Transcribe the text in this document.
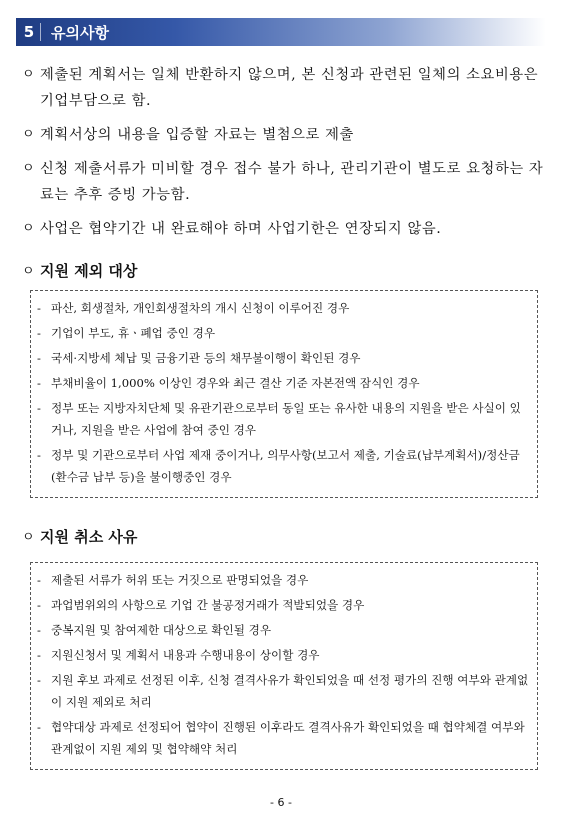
5	유의사항
ㅇ 제출된 계획서는 일체 반환하지 않으며, 본 신청과 관련된 일체의 소요비용은 기업부담으로 함.
ㅇ 계획서상의 내용을 입증할 자료는 별첨으로 제출
ㅇ 신청 제출서류가 미비할 경우 접수 불가 하나, 관리기관이 별도로 요청하는 자료는 추후 증빙 가능함.
ㅇ 사업은 협약기간 내 완료해야 하며 사업기한은 연장되지 않음.
ㅇ 지원 제외 대상
- 파산, 회생절차, 개인회생절차의 개시 신청이 이루어진 경우
- 기업이 부도, 휴ㆍ폐업 중인 경우
- 국세·지방세 체납 및 금융기관 등의 채무불이행이 확인된 경우
- 부채비율이 1,000% 이상인 경우와 최근 결산 기준 자본전액 잠식인 경우
- 정부 또는 지방자치단체 및 유관기관으로부터 동일 또는 유사한 내용의 지원을 받은 사실이 있거나, 지원을 받은 사업에 참여 중인 경우
- 정부 및 기관으로부터 사업 제재 중이거나, 의무사항(보고서 제출, 기술료(납부계획서)/정산금(환수금 납부 등)을 불이행중인 경우
ㅇ 지원 취소 사유
- 제출된 서류가 허위 또는 거짓으로 판명되었을 경우
- 과업범위외의 사항으로 기업 간 불공정거래가 적발되었을 경우
- 중복지원 및 참여제한 대상으로 확인될 경우
- 지원신청서 및 계획서 내용과 수행내용이 상이할 경우
- 지원 후보 과제로 선정된 이후, 신청 결격사유가 확인되었을 때 선정 평가의 진행 여부와 관계없이 지원 제외로 처리
- 협약대상 과제로 선정되어 협약이 진행된 이후라도 결격사유가 확인되었을 때 협약체결 여부와 관계없이 지원 제외 및 협약해약 처리
- 6 -
